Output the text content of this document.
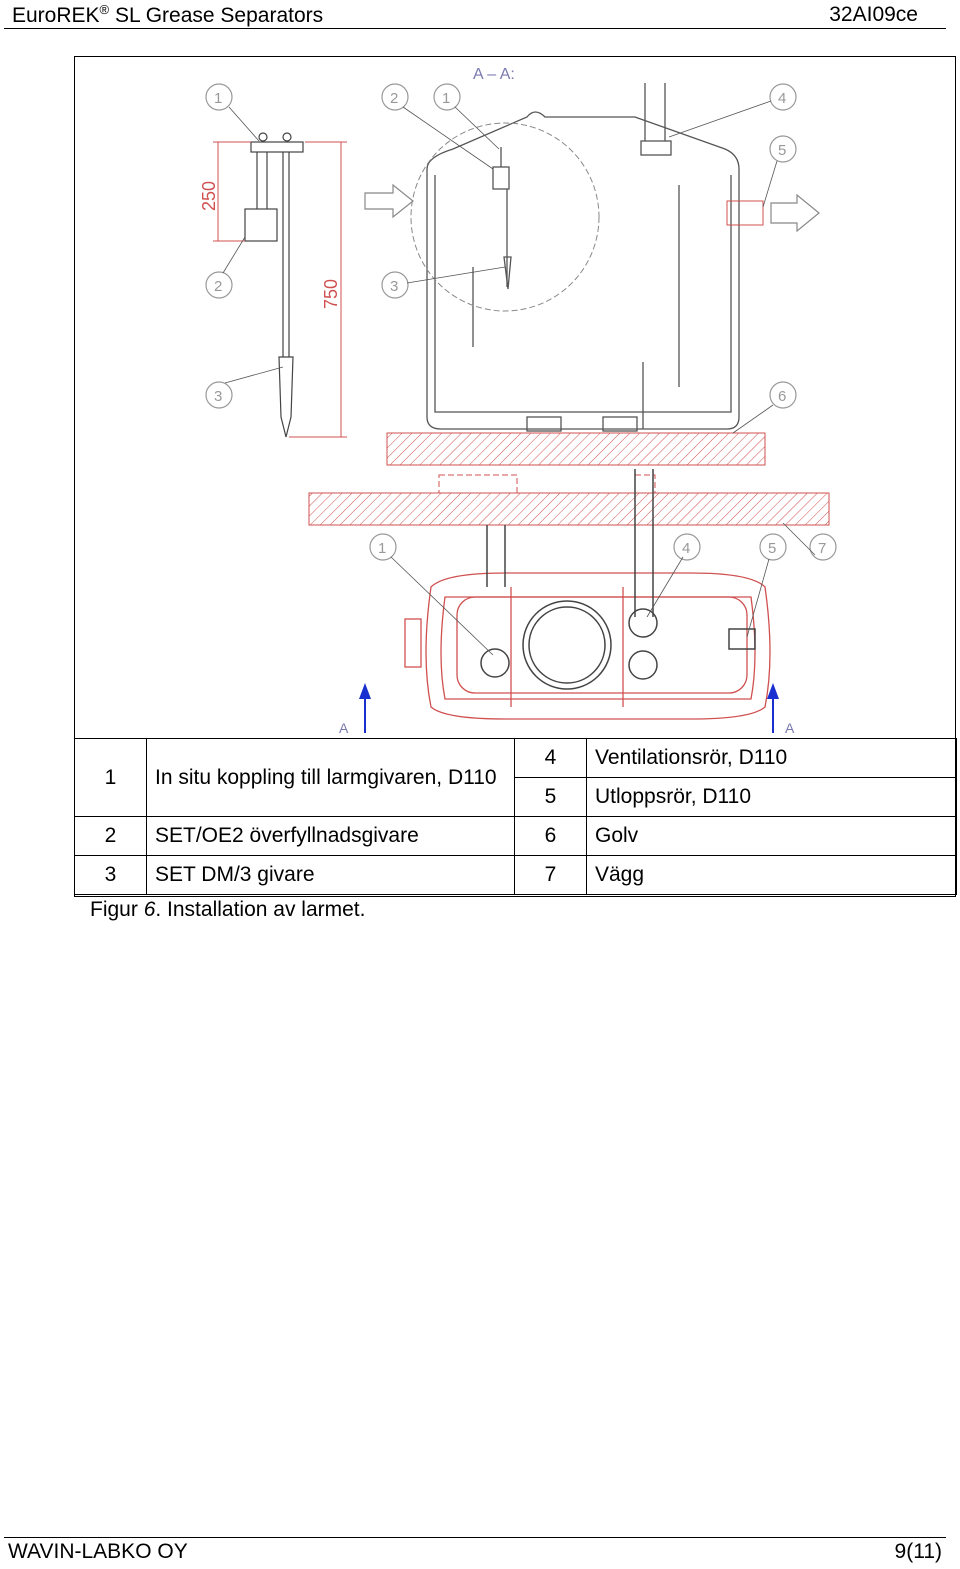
EuroREK® SL Grease Separators	32AI09ce
A – A:
250
750
A	A
1	2	1	4
5
3
2
3	6
1	4	5	7
1	In situ koppling till larmgivaren, D110	4	Ventilationsrör, D110
		5	Utloppsrör, D110
2	SET/OE2 överfyllnadsgivare	6	Golv
3	SET DM/3 givare	7	Vägg
Figur 6. Installation av larmet.
WAVIN-LABKO OY	9(11)
